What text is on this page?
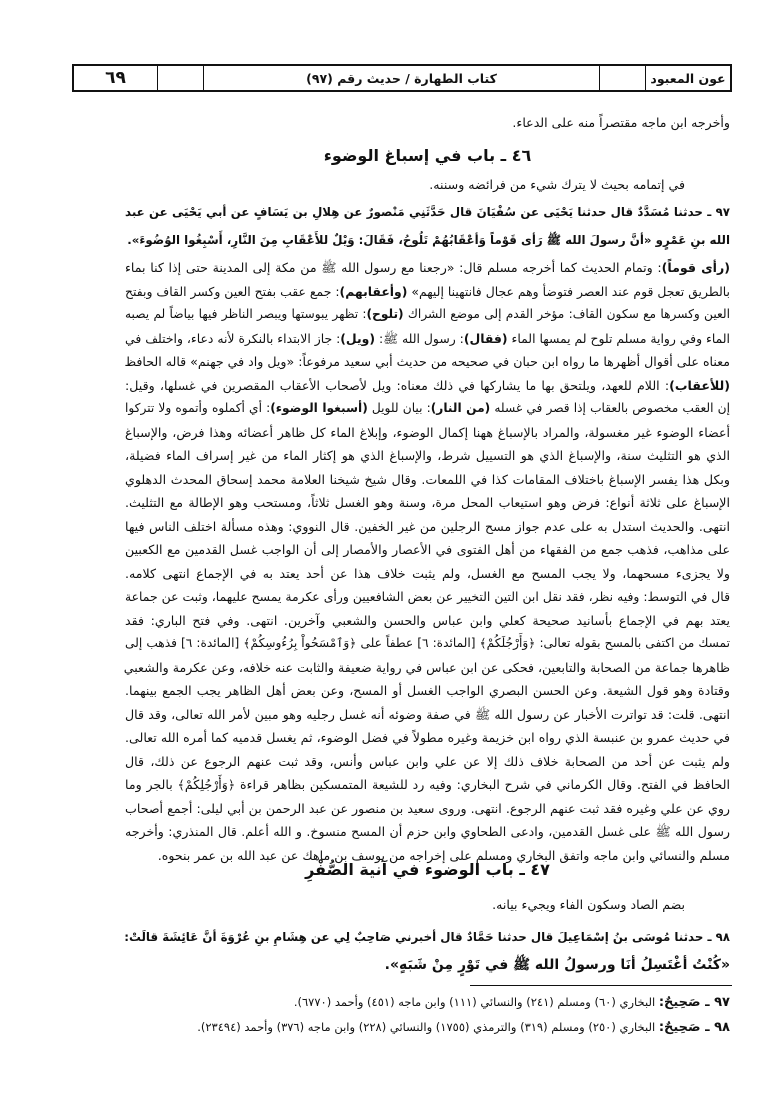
٦٩	كتاب الطهارة / حديث رقم (٩٧)	عون المعبود
وأخرجه ابن ماجه مقتصراً منه على الدعاء.
٤٦ ـ باب في إسباغ الوضوء
في إتمامه بحيث لا يترك شيء من فرائضه وسننه.
٩٧ ـ حدثنا مُسَدَّدٌ قال حدثنا يَحْيَى عن سُفْيَانَ قال حَدَّثَنِي مَنْصورٌ عن هِلالِ بن يَسَافٍ عن أبي يَحْيَى عن عبد
الله بنِ عَمْرٍو «أنَّ رسولَ الله ﷺ رَأى قَوْماً وَأعْقَابُهُمْ تَلُوحُ، فَقَالَ: وَيْلٌ للأَعْقَابِ مِنَ النَّارِ، أَسْبِغُوا الوُضُوءَ».
(رأى قوماً): وتمام الحديث كما أخرجه مسلم قال: «رجعنا مع رسول الله ﷺ من مكة إلى المدينة حتى إذا كنا بماء
بالطريق تعجل قوم عند العصر فتوضأ وهم عجال فانتهينا إليهم» (وأعقابهم): جمع عقب بفتح العين وكسر القاف وبفتح
العين وكسرها مع سكون القاف: مؤخر القدم إلى موضع الشراك (تلوح): تظهر يبوستها ويبصر الناظر فيها بياضاً لم يصبه
الماء وفي رواية مسلم تلوح لم يمسها الماء (فقال): رسول الله ﷺ: (ويل): جاز الابتداء بالنكرة لأنه دعاء، واختلف في
معناه على أقوال أظهرها ما رواه ابن حبان في صحيحه من حديث أبي سعيد مرفوعاً: «ويل واد في جهنم» قاله الحافظ
(للأعقاب): اللام للعهد، ويلتحق بها ما يشاركها في ذلك معناه: ويل لأصحاب الأعقاب المقصرين في غسلها، وقيل:
إن العقب مخصوص بالعقاب إذا قصر في غسله (من النار): بيان للويل (أسبغوا الوضوء): أي أكملوه وأتموه ولا تتركوا
أعضاء الوضوء غير مغسولة، والمراد بالإسباغ ههنا إكمال الوضوء، وإبلاغ الماء كل ظاهر أعضائه وهذا فرض، والإسباغ
الذي هو التثليث سنة، والإسباغ الذي هو التسييل شرط، والإسباغ الذي هو إكثار الماء من غير إسراف الماء فضيلة،
وبكل هذا يفسر الإسباغ باختلاف المقامات كذا في اللمعات. وقال شيخ شيخنا العلامة محمد إسحاق المحدث الدهلوي
الإسباغ على ثلاثة أنواع: فرض وهو استيعاب المحل مرة، وسنة وهو الغسل ثلاثاً، ومستحب وهو الإطالة مع التثليث.
انتهى. والحديث استدل به على عدم جواز مسح الرجلين من غير الخفين. قال النووي: وهذه مسألة اختلف الناس فيها
على مذاهب، فذهب جمع من الفقهاء من أهل الفتوى في الأعصار والأمصار إلى أن الواجب غسل القدمين مع الكعبين
ولا يجزىء مسحهما، ولا يجب المسح مع الغسل، ولم يثبت خلاف هذا عن أحد يعتد به في الإجماع انتهى كلامه.
قال في التوسط: وفيه نظر، فقد نقل ابن التين التخيير عن بعض الشافعيين ورأى عكرمة يمسح عليهما، وثبت عن جماعة
يعتد بهم في الإجماع بأسانيد صحيحة كعلي وابن عباس والحسن والشعبي وآخرين. انتهى. وفي فتح الباري: فقد
تمسك من اكتفى بالمسح بقوله تعالى: ﴿وَأَرْجُلَكُمْ﴾ [المائدة: ٦] عطفاً على ﴿وَٱمْسَحُواْ بِرُءُوسِكُمْ﴾ [المائدة: ٦] فذهب إلى
ظاهرها جماعة من الصحابة والتابعين، فحكى عن ابن عباس في رواية ضعيفة والثابت عنه خلافه، وعن عكرمة والشعبي
وقتادة وهو قول الشيعة. وعن الحسن البصري الواجب الغسل أو المسح، وعن بعض أهل الظاهر يجب الجمع بينهما.
انتهى. قلت: قد تواترت الأخبار عن رسول الله ﷺ في صفة وضوئه أنه غسل رجليه وهو مبين لأمر الله تعالى، وقد قال
في حديث عمرو بن عنبسة الذي رواه ابن خزيمة وغيره مطولاً في فضل الوضوء، ثم يغسل قدميه كما أمره الله تعالى.
ولم يثبت عن أحد من الصحابة خلاف ذلك إلا عن علي وابن عباس وأنس، وقد ثبت عنهم الرجوع عن ذلك، قال
الحافظ في الفتح. وقال الكرماني في شرح البخاري: وفيه رد للشيعة المتمسكين بظاهر قراءة ﴿وَأَرْجُلِكُمْ﴾ بالجر وما
روي عن علي وغيره فقد ثبت عنهم الرجوع. انتهى. وروى سعيد بن منصور عن عبد الرحمن بن أبي ليلى: أجمع أصحاب
رسول الله ﷺ على غسل القدمين، وادعى الطحاوي وابن حزم أن المسح منسوخ. و الله أعلم. قال المنذري: وأخرجه
مسلم والنسائي وابن ماجه واتفق البخاري ومسلم على إخراجه من يوسف بن ماهك عن عبد الله بن عمر بنحوه.
٤٧ ـ باب الوضوء في آنية الصُّفْرِ
بضم الصاد وسكون الفاء ويجيء بيانه.
٩٨ ـ حدثنا مُوسَى بنُ إسْمَاعِيلَ قال حدثنا حَمَّادٌ قال أخبرني صَاحِبٌ لِي عن هِشَامِ بنِ عُرْوَةَ أنَّ عَائِشَةَ قالَتْ:
«كُنْتُ أغْتَسِلُ أنَا ورسولُ الله ﷺ في تَوْرٍ مِنْ شَبَهٍ».
٩٧ ـ صَحِيحٌ: البخاري (٦٠) ومسلم (٢٤١) والنسائي (١١١) وابن ماجه (٤٥١) وأحمد (٦٧٧٠).
٩٨ ـ صَحِيحٌ: البخاري (٢٥٠) ومسلم (٣١٩) والترمذي (١٧٥٥) والنسائي (٢٢٨) وابن ماجه (٣٧٦) وأحمد (٢٣٤٩٤).
